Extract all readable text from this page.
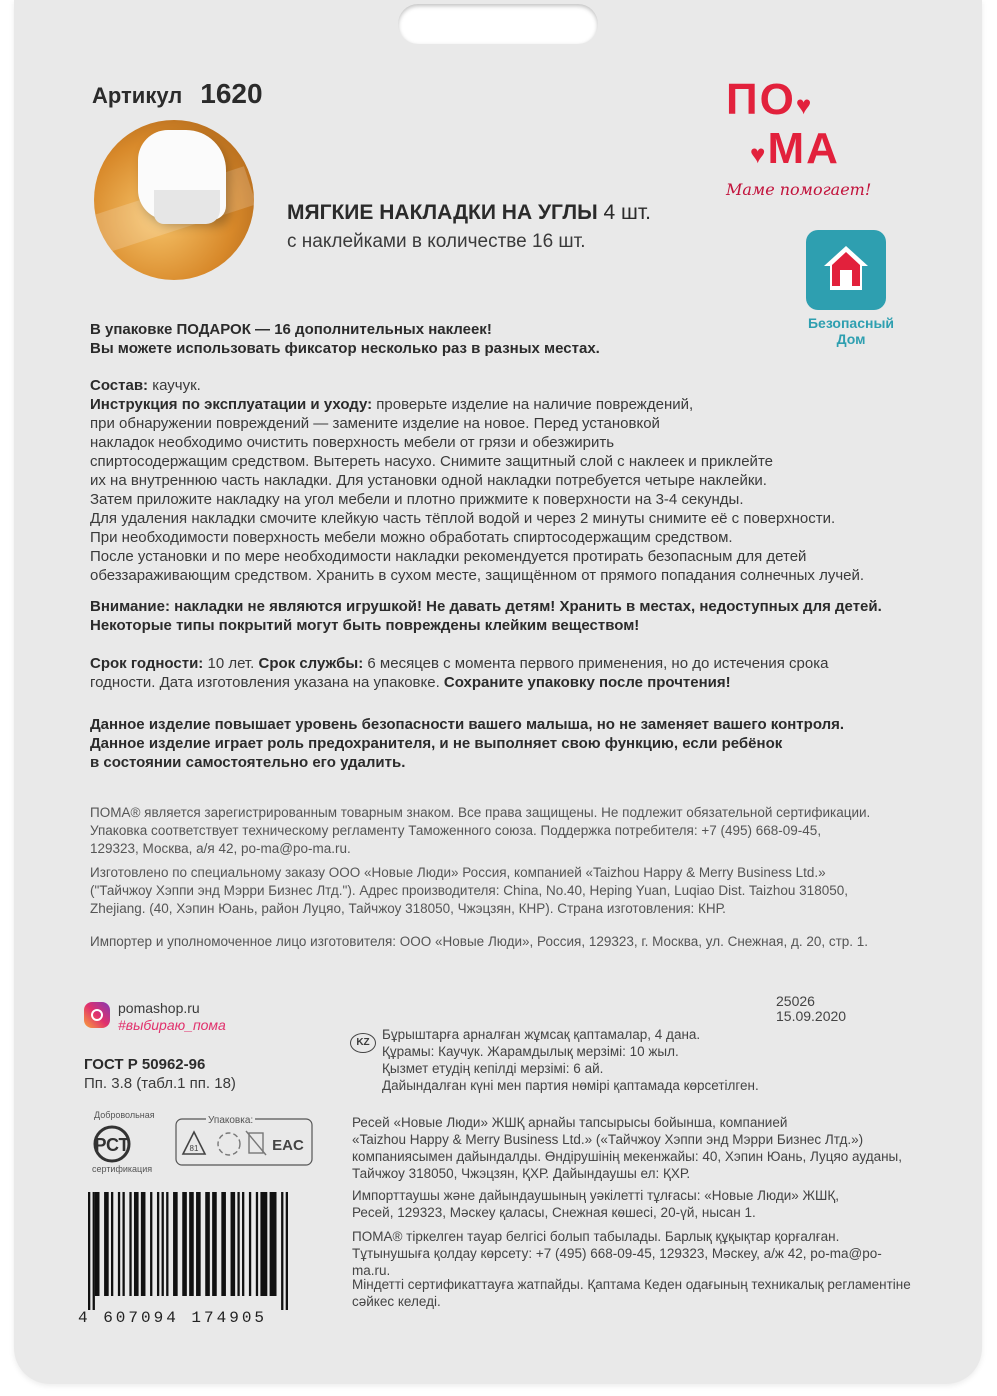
Артикул 1620
МЯГКИЕ НАКЛАДКИ НА УГЛЫ 4 шт.
с наклейками в количестве 16 шт.
ПО♥
♥МА
Маме помогает!
Безопасный
Дом

В упаковке ПОДАРОК — 16 дополнительных наклеек!

Вы можете использовать фиксатор несколько раз в разных местах.

Состав: каучук.

Инструкция по эксплуатации и уходу: проверьте изделие на наличие повреждений,

при обнаружении повреждений — замените изделие на новое. Перед установкой

накладок необходимо очистить поверхность мебели от грязи и обезжирить

спиртосодержащим средством. Вытереть насухо. Снимите защитный слой с наклеек и приклейте

их на внутреннюю часть накладки. Для установки одной накладки потребуется четыре наклейки.

Затем приложите накладку на угол мебели и плотно прижмите к поверхности на 3-4 секунды.

Для удаления накладки смочите клейкую часть тёплой водой и через 2 минуты снимите её с поверхности.

При необходимости поверхность мебели можно обработать спиртосодержащим средством.

После установки и по мере необходимости накладки рекомендуется протирать безопасным для детей

обеззараживающим средством. Хранить в сухом месте, защищённом от прямого попадания солнечных лучей.

Внимание: накладки не являются игрушкой! Не давать детям! Хранить в местах, недоступных для детей.

Некоторые типы покрытий могут быть повреждены клейким веществом!

Срок годности: 10 лет. Срок службы: 6 месяцев с момента первого применения, но до истечения срока

годности. Дата изготовления указана на упаковке. Сохраните упаковку после прочтения!

Данное изделие повышает уровень безопасности вашего малыша, но не заменяет вашего контроля.

Данное изделие играет роль предохранителя, и не выполняет свою функцию, если ребёнок

в состоянии самостоятельно его удалить.

ПОМА® является зарегистрированным товарным знаком. Все права защищены. Не подлежит обязательной сертификации.

Упаковка соответствует техническому регламенту Таможенного союза. Поддержка потребителя: +7 (495) 668-09-45,

129323, Москва, а/я 42, po-ma@po-ma.ru.

Изготовлено по специальному заказу ООО «Новые Люди» Россия, компанией «Taizhou Happy & Merry Business Ltd.»

("Тайчжоу Хэппи энд Мэрри Бизнес Лтд."). Адрес производителя: China, No.40, Heping Yuan, Luqiao Dist. Taizhou 318050,

Zhejiang. (40, Хэпин Юань, район Луцяо, Тайчжоу 318050, Чжэцзян, КНР). Страна изготовления: КНР.

Импортер и уполномоченное лицо изготовителя: ООО «Новые Люди», Россия, 129323, г. Москва, ул. Снежная, д. 20, стр. 1.
25026
15.09.2020
pomashop.ru
#выбираю_пома
ГОСТ Р 50962-96
Пп. 3.8 (табл.1 пп. 18)
РСТ
Добровольная
сертификация
Упаковка:
81	EAC
4 607094 174905
KZ
Бұрыштарға арналған жұмсақ қаптамалар, 4 дана.
Құрамы: Каучук. Жарамдылық мерзімі: 10 жыл.
Қызмет етудің кепілді мерзімі: 6 ай.
Дайындалған күні мен партия нөмірі қаптамада көрсетілген.
Ресей «Новые Люди» ЖШҚ арнайы тапсырысы бойынша, компанией
«Taizhou Happy & Merry Business Ltd.» («Тайчжоу Хэппи энд Мэрри Бизнес Лтд.»)
компаниясымен дайындалды. Өндірушінің мекенжайы: 40, Хэпин Юань, Луцяо ауданы,
Тайчжоу 318050, Чжэцзян, ҚХР. Дайындаушы ел: ҚХР.
Импорттаушы және дайындаушының уәкілетті тұлғасы: «Новые Люди» ЖШҚ,
Ресей, 129323, Мәскеу қаласы, Снежная көшесі, 20-үй, нысан 1.
ПОМА® тіркелген тауар белгісі болып табылады. Барлық құқықтар қорғалған.
Тұтынушыға қолдау көрсету: +7 (495) 668-09-45, 129323, Мәскеу, а/ж 42, po-ma@po-ma.ru.
Міндетті сертификаттауға жатпайды. Қаптама Кеден одағының техникалық регламентіне
сәйкес келеді.
